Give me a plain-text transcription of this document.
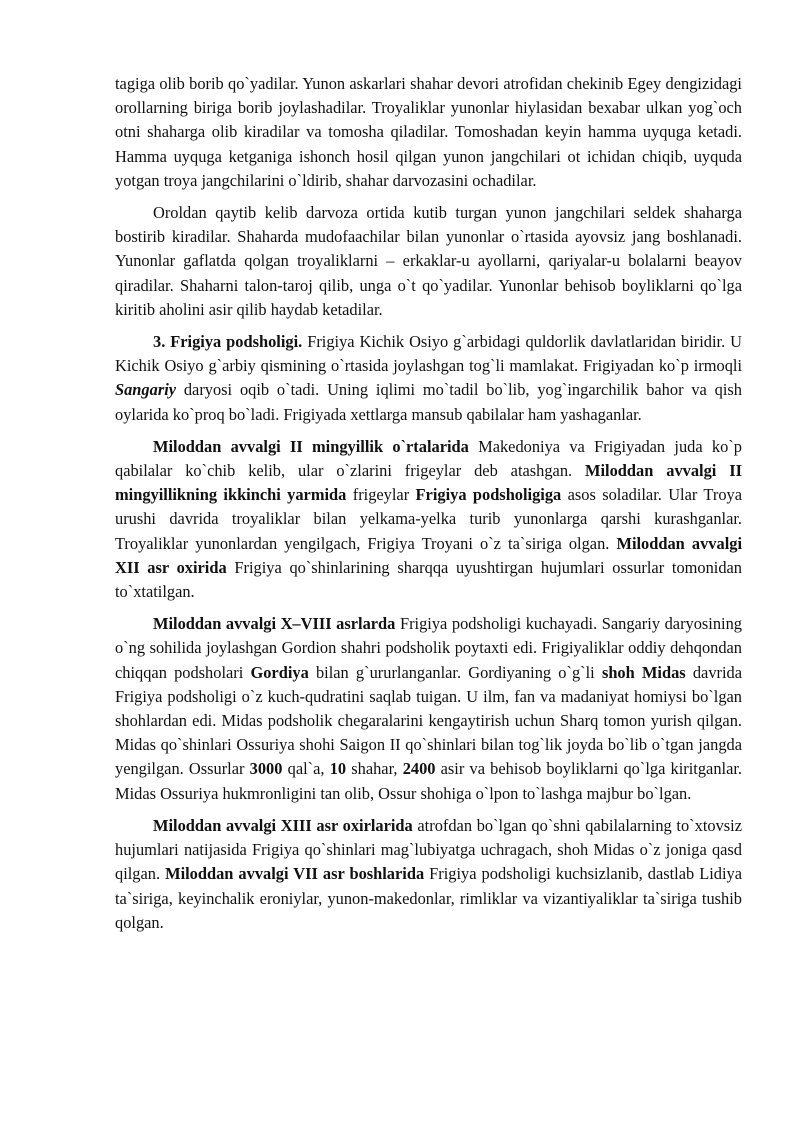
tagiga olib borib qo`yadilar. Yunon askarlari shahar devori atrofidan chekinib Egey dengizidagi orollarning biriga borib joylashadilar. Troyaliklar yunonlar hiylasidan bexabar ulkan yog`och otni shaharga olib kiradilar va tomosha qiladilar. Tomoshadan keyin hamma uyquga ketadi. Hamma uyquga ketganiga ishonch hosil qilgan yunon jangchilari ot ichidan chiqib, uyquda yotgan troya jangchilarini o`ldirib, shahar darvozasini ochadilar.

Oroldan qaytib kelib darvoza ortida kutib turgan yunon jangchilari seldek shaharga bostirib kiradilar. Shaharda mudofaachilar bilan yunonlar o`rtasida ayovsiz jang boshlanadi. Yunonlar gaflatda qolgan troyaliklarni – erkaklar-u ayollarni, qariyalar-u bolalarni beayov qiradilar. Shaharni talon-taroj qilib, unga o`t qo`yadilar. Yunonlar behisob boyliklarni qo`lga kiritib aholini asir qilib haydab ketadilar.

3. Frigiya podsholigi. Frigiya Kichik Osiyo g`arbidagi quldorlik davlatlaridan biridir. U Kichik Osiyo g`arbiy qismining o`rtasida joylashgan tog`li mamlakat. Frigiyadan ko`p irmoqli Sangariy daryosi oqib o`tadi. Uning iqlimi mo`tadil bo`lib, yog`ingarchilik bahor va qish oylarida ko`proq bo`ladi. Frigiyada xettlarga mansub qabilalar ham yashaganlar.

Miloddan avvalgi II mingyillik o`rtalarida Makedoniya va Frigiyadan juda ko`p qabilalar ko`chib kelib, ular o`zlarini frigeylar deb atashgan. Miloddan avvalgi II mingyillikning ikkinchi yarmida frigeylar Frigiya podsholigiga asos soladilar. Ular Troya urushi davrida troyaliklar bilan yelkama-yelka turib yunonlarga qarshi kurashganlar. Troyaliklar yunonlardan yengilgach, Frigiya Troyani o`z ta`siriga olgan. Miloddan avvalgi XII asr oxirida Frigiya qo`shinlarining sharqqa uyushtirgan hujumlari ossurlar tomonidan to`xtatilgan.

Miloddan avvalgi X–VIII asrlarda Frigiya podsholigi kuchayadi. Sangariy daryosining o`ng sohilida joylashgan Gordion shahri podsholik poytaxti edi. Frigiyaliklar oddiy dehqondan chiqqan podsholari Gordiya bilan g`ururlanganlar. Gordiyaning o`g`li shoh Midas davrida Frigiya podsholigi o`z kuch-qudratini saqlab tuigan. U ilm, fan va madaniyat homiysi bo`lgan shohlardan edi. Midas podsholik chegaralarini kengaytirish uchun Sharq tomon yurish qilgan. Midas qo`shinlari Ossuriya shohi Saigon II qo`shinlari bilan tog`lik joyda bo`lib o`tgan jangda yengilgan. Ossurlar 3000 qal`a, 10 shahar, 2400 asir va behisob boyliklarni qo`lga kiritganlar. Midas Ossuriya hukmronligini tan olib, Ossur shohiga o`lpon to`lashga majbur bo`lgan.

Miloddan avvalgi XIII asr oxirlarida atrofdan bo`lgan qo`shni qabilalarning to`xtovsiz hujumlari natijasida Frigiya qo`shinlari mag`lubiyatga uchragach, shoh Midas o`z joniga qasd qilgan. Miloddan avvalgi VII asr boshlarida Frigiya podsholigi kuchsizlanib, dastlab Lidiya ta`siriga, keyinchalik eroniylar, yunon-makedonlar, rimliklar va vizantiyaliklar ta`siriga tushib qolgan.
